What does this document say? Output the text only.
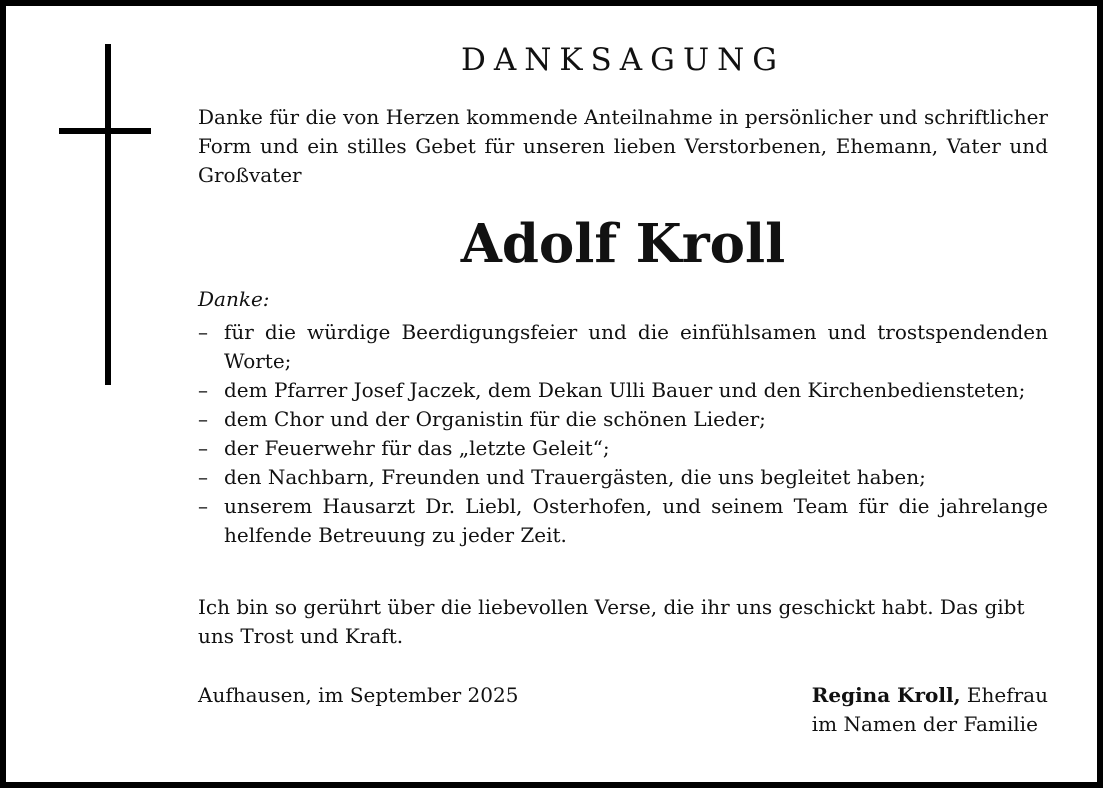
DANKSAGUNG

Danke für die von Herzen kommende Anteilnahme in persönlicher und schriftlicher Form und ein stilles Gebet für unseren lieben Verstorbenen, Ehemann, Vater und Großvater

Adolf Kroll
Danke:
– für die würdige Beerdigungsfeier und die einfühlsamen und trostspendenden Worte;
– dem Pfarrer Josef Jaczek, dem Dekan Ulli Bauer und den Kirchenbediensteten;
– dem Chor und der Organistin für die schönen Lieder;
– der Feuerwehr für das „letzte Geleit“;
– den Nachbarn, Freunden und Trauergästen, die uns begleitet haben;
– unserem Hausarzt Dr. Liebl, Osterhofen, und seinem Team für die jahrelange helfende Betreuung zu jeder Zeit.

Ich bin so gerührt über die liebevollen Verse, die ihr uns geschickt habt. Das gibt uns Trost und Kraft.

Aufhausen, im September 2025	Regina Kroll, Ehefrau
im Namen der Familie
